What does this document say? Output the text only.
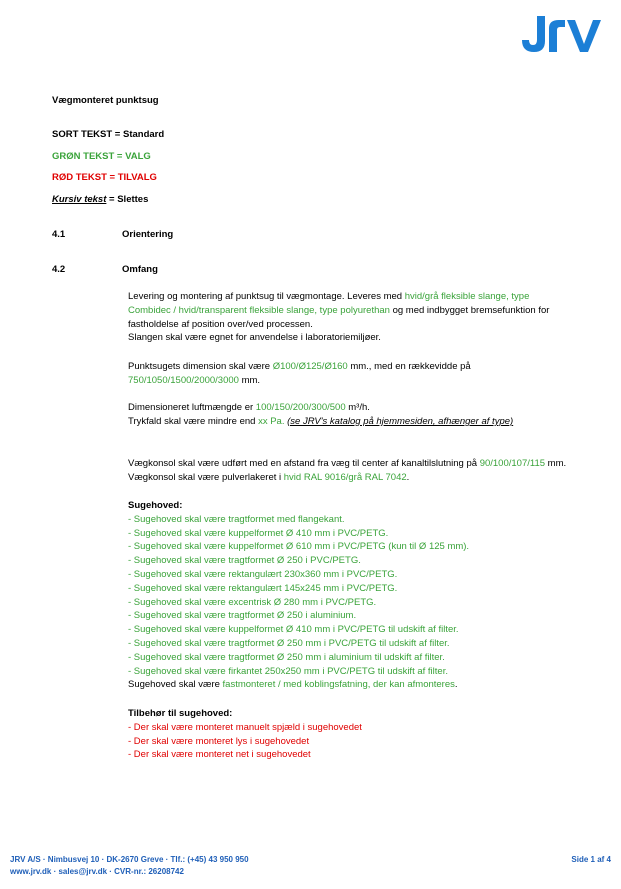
Vægmonteret punktsug
SORT TEKST = Standard
GRØN TEKST = VALG
RØD TEKST = TILVALG
Kursiv tekst = Slettes
4.1	Orientering
4.2	Omfang

Levering og montering af punktsug til vægmontage. Leveres med hvid/grå fleksible slange, type Combidec / hvid/transparent fleksible slange, type polyurethan og med indbygget bremsefunktion for fastholdelse af position over/ved processen.

Slangen skal være egnet for anvendelse i laboratoriemiljøer.

Punktsugets dimension skal være Ø100/Ø125/Ø160 mm., med en rækkevidde på 750/1050/1500/2000/3000 mm.

Dimensioneret luftmængde er 100/150/200/300/500 m³/h.

Trykfald skal være mindre end xx Pa. (se JRV's katalog på hjemmesiden, afhænger af type)

Vægkonsol skal være udført med en afstand fra væg til center af kanaltilslutning på 90/100/107/115 mm. Vægkonsol skal være pulverlakeret i hvid RAL 9016/grå RAL 7042.

Sugehoved:

- Sugehoved skal være tragtformet med flangekant.

- Sugehoved skal være kuppelformet Ø 410 mm i PVC/PETG.

- Sugehoved skal være kuppelformet Ø 610 mm i PVC/PETG (kun til Ø 125 mm).

- Sugehoved skal være tragtformet Ø 250 i PVC/PETG.

- Sugehoved skal være rektangulært 230x360 mm i PVC/PETG.

- Sugehoved skal være rektangulært 145x245 mm i PVC/PETG.

- Sugehoved skal være excentrisk Ø 280 mm i PVC/PETG.

- Sugehoved skal være tragtformet Ø 250 i aluminium.

- Sugehoved skal være kuppelformet Ø 410 mm i PVC/PETG til udskift af filter.

- Sugehoved skal være tragtformet Ø 250 mm i PVC/PETG til udskift af filter.

- Sugehoved skal være tragtformet Ø 250 mm i aluminium til udskift af filter.

- Sugehoved skal være firkantet 250x250 mm i PVC/PETG til udskift af filter.

Sugehoved skal være fastmonteret / med koblingsfatning, der kan afmonteres.

Tilbehør til sugehoved:

- Der skal være monteret manuelt spjæld i sugehovedet

- Der skal være monteret lys i sugehovedet

- Der skal være monteret net i sugehovedet

JRV A/S · Nimbusvej 10 · DK-2670 Greve · Tlf.: (+45) 43 950 950
www.jrv.dk · sales@jrv.dk · CVR-nr.: 26208742
Side 1 af 4
